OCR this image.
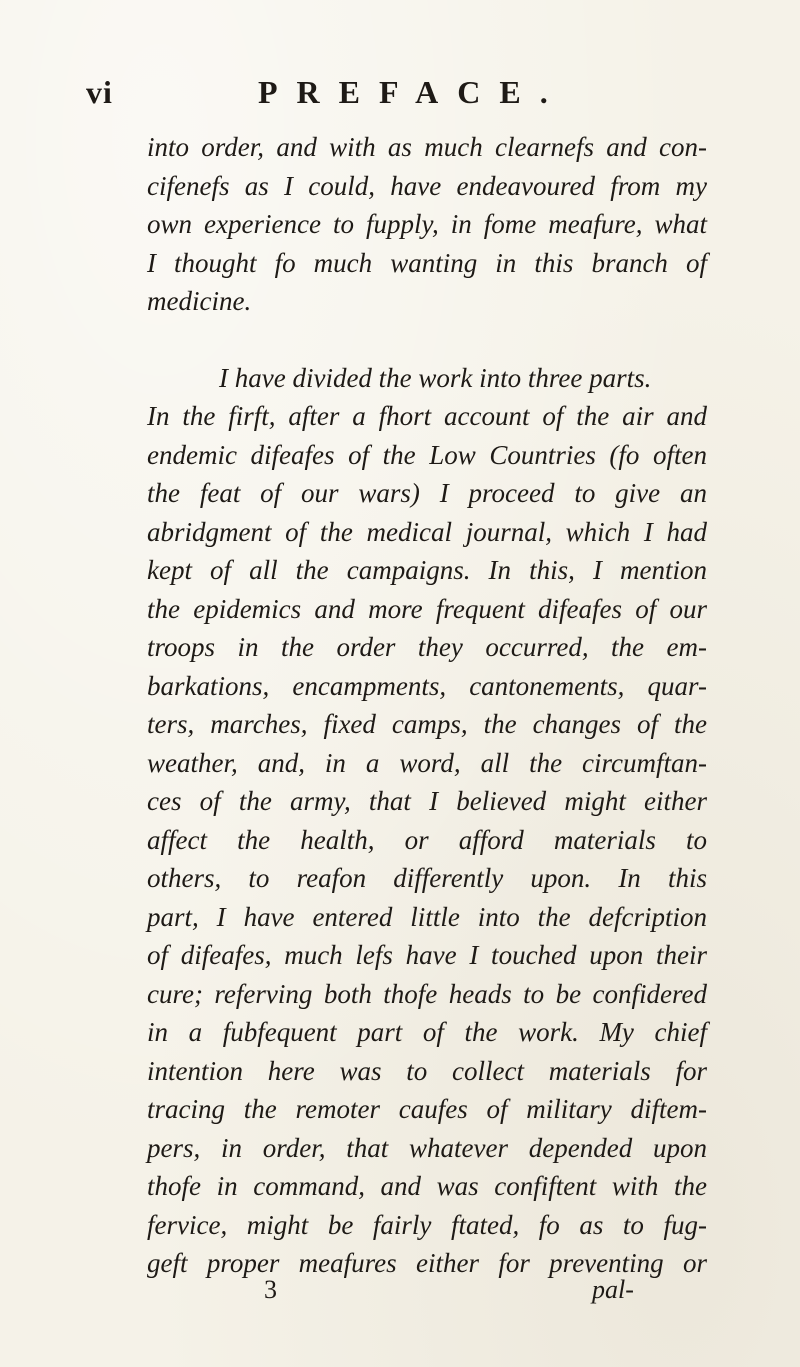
vi	PREFACE.
into order, and with as much clearnefs and con-
cifenefs as I could, have endeavoured from my
own experience to fupply, in fome meafure, what
I thought fo much wanting in this branch of
medicine.
I have divided the work into three parts.
In the firft, after a fhort account of the air and
endemic difeafes of the Low Countries (fo often
the feat of our wars) I proceed to give an
abridgment of the medical journal, which I had
kept of all the campaigns. In this, I mention
the epidemics and more frequent difeafes of our
troops in the order they occurred, the em-
barkations, encampments, cantonements, quar-
ters, marches, fixed camps, the changes of the
weather, and, in a word, all the circumftan-
ces of the army, that I believed might either
affect the health, or afford materials to
others, to reafon differently upon. In this
part, I have entered little into the defcription
of difeafes, much lefs have I touched upon their
cure; referving both thofe heads to be confidered
in a fubfequent part of the work. My chief
intention here was to collect materials for
tracing the remoter caufes of military diftem-
pers, in order, that whatever depended upon
thofe in command, and was confiftent with the
fervice, might be fairly ftated, fo as to fug-
geft proper meafures either for preventing or
3	pal-
